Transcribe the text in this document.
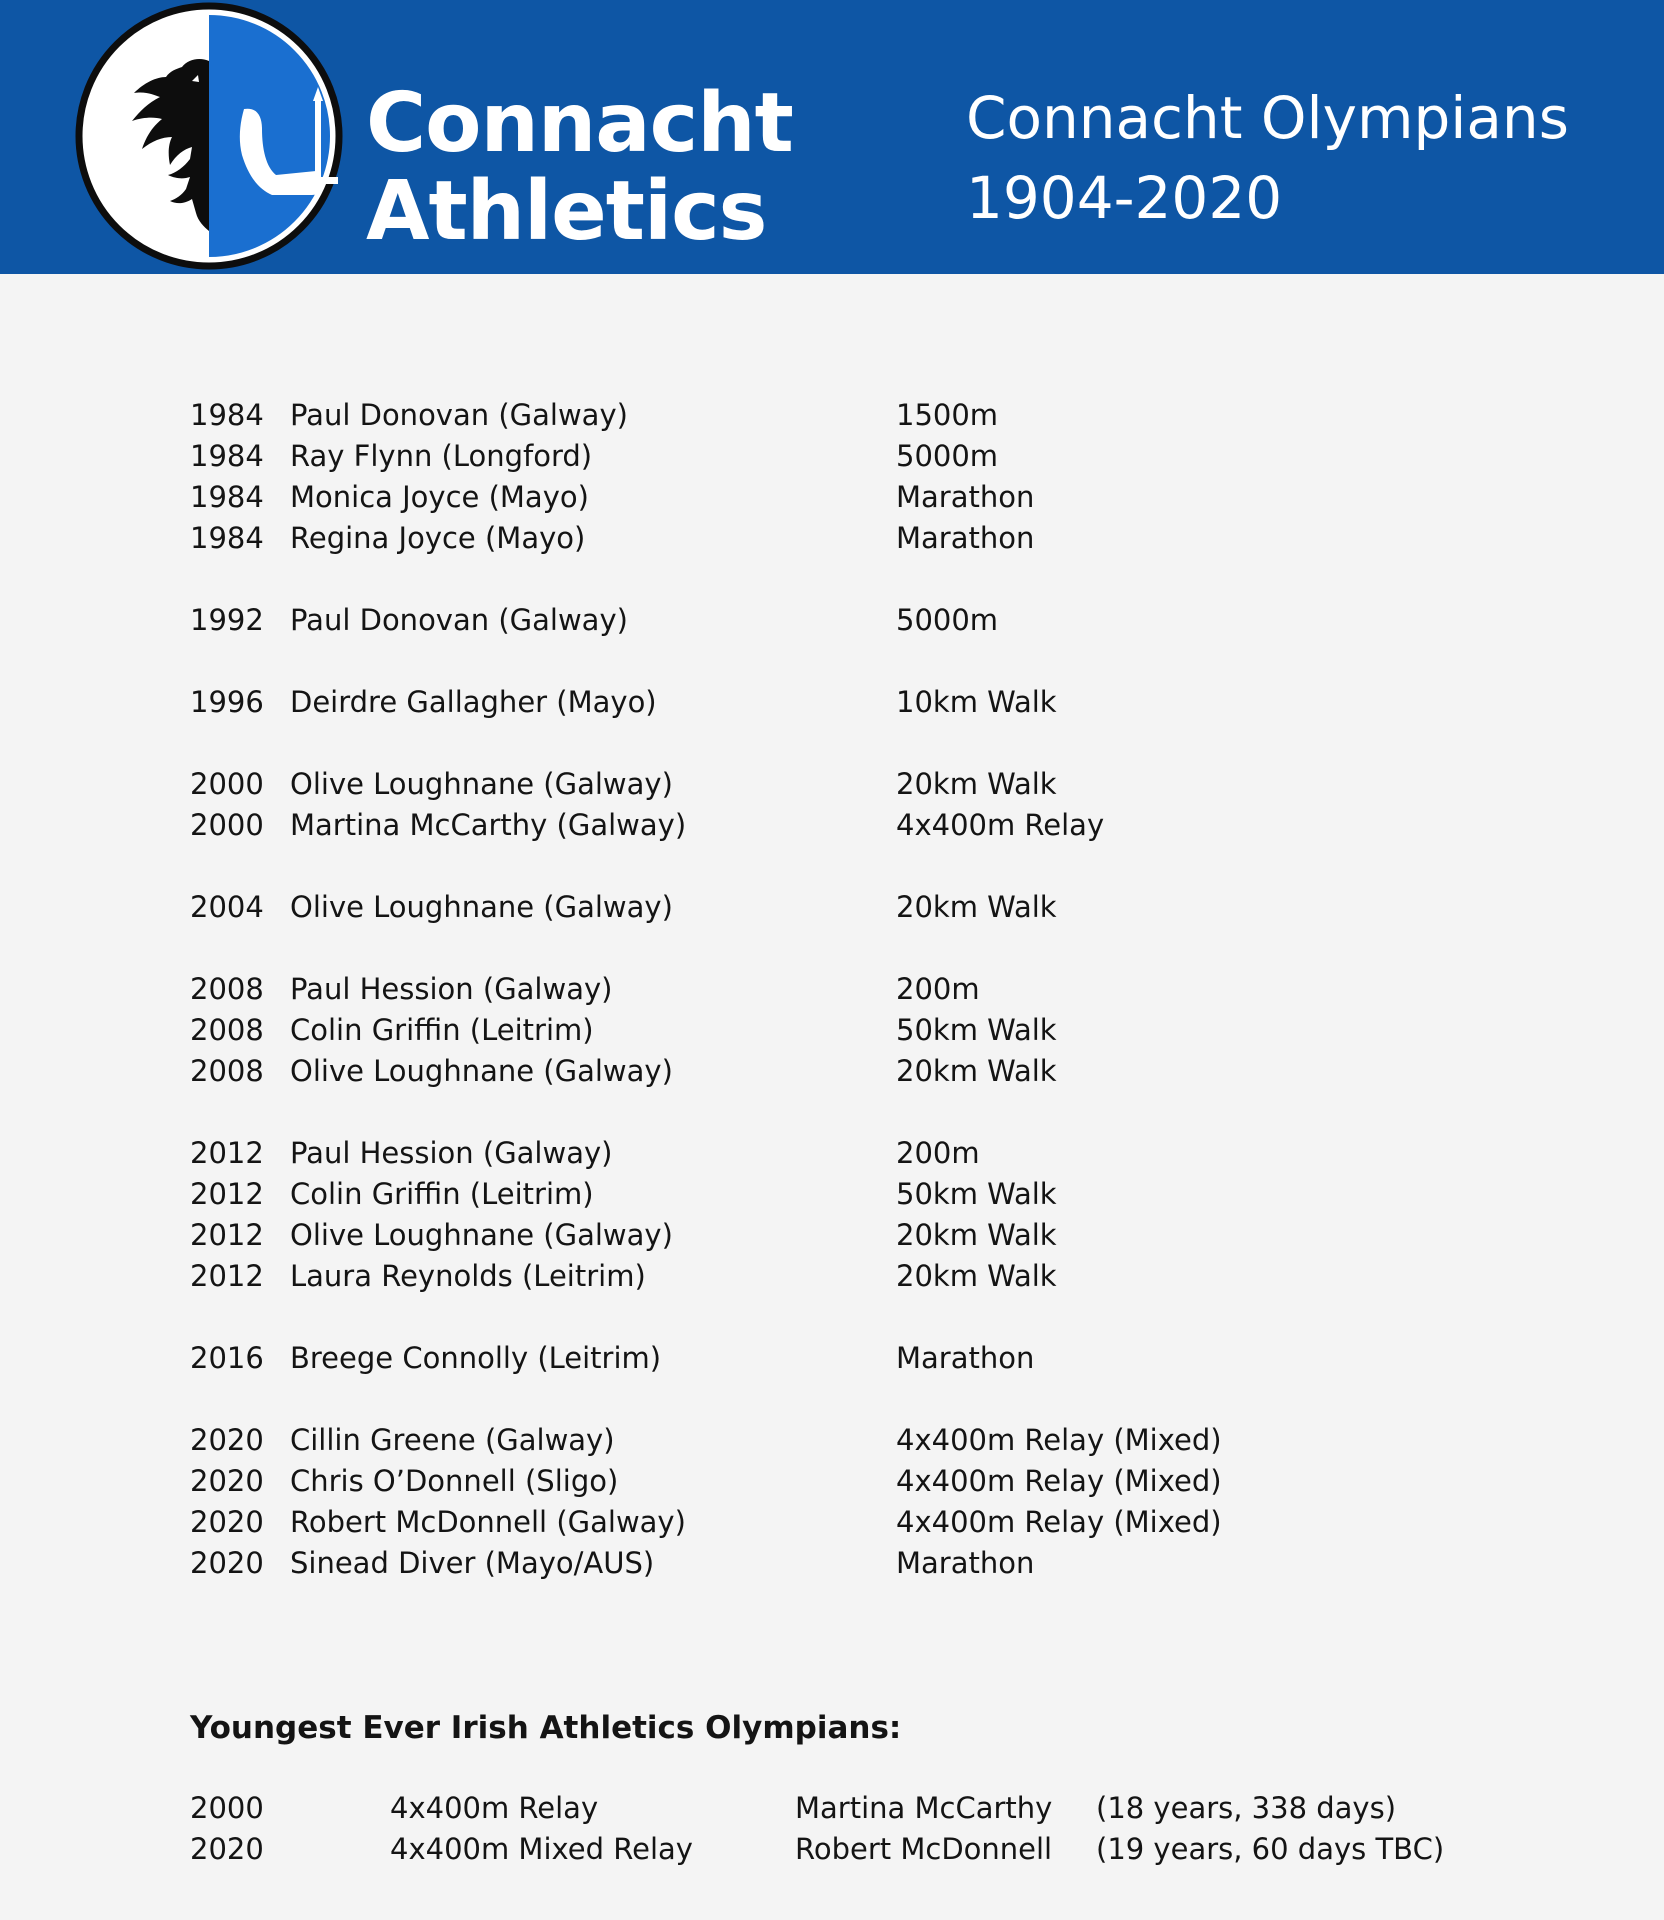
Connacht
Athletics
Connacht Olympians
1904-2020
1984 Paul Donovan (Galway)	1500m
1984 Ray Flynn (Longford)	5000m
1984 Monica Joyce (Mayo)	Marathon
1984 Regina Joyce (Mayo)	Marathon
1992 Paul Donovan (Galway)	5000m
1996 Deirdre Gallagher (Mayo)	10km Walk
2000 Olive Loughnane (Galway)	20km Walk
2000 Martina McCarthy (Galway)	4x400m Relay
2004 Olive Loughnane (Galway)	20km Walk
2008 Paul Hession (Galway)	200m
2008 Colin Griffin (Leitrim)	50km Walk
2008 Olive Loughnane (Galway)	20km Walk
2012 Paul Hession (Galway)	200m
2012 Colin Griffin (Leitrim)	50km Walk
2012 Olive Loughnane (Galway)	20km Walk
2012 Laura Reynolds (Leitrim)	20km Walk
2016 Breege Connolly (Leitrim)	Marathon
2020 Cillin Greene (Galway)	4x400m Relay (Mixed)
2020 Chris O’Donnell (Sligo)	4x400m Relay (Mixed)
2020 Robert McDonnell (Galway)	4x400m Relay (Mixed)
2020 Sinead Diver (Mayo/AUS)	Marathon
Youngest Ever Irish Athletics Olympians:
2000	4x400m Relay	Martina McCarthy (18 years, 338 days)
2020	4x400m Mixed Relay	Robert McDonnell (19 years, 60 days TBC)
